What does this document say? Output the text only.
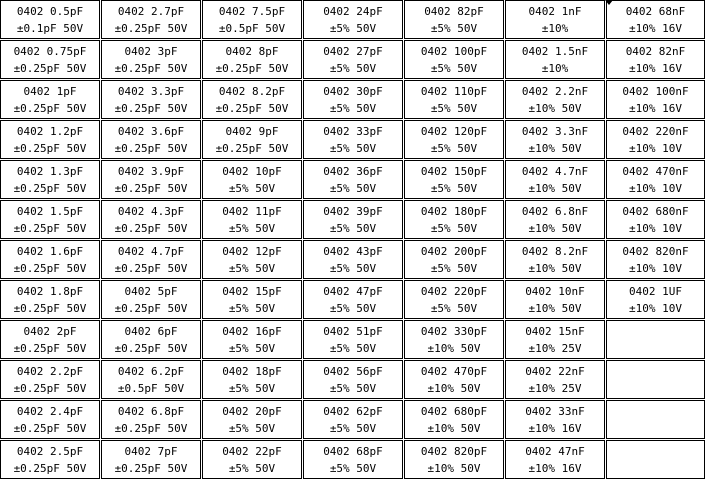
0402 0.5pF
±0.1pF 50V
0402 2.7pF
±0.25pF 50V
0402 7.5pF
±0.5pF 50V
0402 24pF
±5% 50V
0402 82pF
±5% 50V
0402 1nF
±10%
0402 68nF
±10% 16V
0402 0.75pF
±0.25pF 50V
0402 3pF
±0.25pF 50V
0402 8pF
±0.25pF 50V
0402 27pF
±5% 50V
0402 100pF
±5% 50V
0402 1.5nF
±10%
0402 82nF
±10% 16V
0402 1pF
±0.25pF 50V
0402 3.3pF
±0.25pF 50V
0402 8.2pF
±0.25pF 50V
0402 30pF
±5% 50V
0402 110pF
±5% 50V
0402 2.2nF
±10% 50V
0402 100nF
±10% 16V
0402 1.2pF
±0.25pF 50V
0402 3.6pF
±0.25pF 50V
0402 9pF
±0.25pF 50V
0402 33pF
±5% 50V
0402 120pF
±5% 50V
0402 3.3nF
±10% 50V
0402 220nF
±10% 10V
0402 1.3pF
±0.25pF 50V
0402 3.9pF
±0.25pF 50V
0402 10pF
±5% 50V
0402 36pF
±5% 50V
0402 150pF
±5% 50V
0402 4.7nF
±10% 50V
0402 470nF
±10% 10V
0402 1.5pF
±0.25pF 50V
0402 4.3pF
±0.25pF 50V
0402 11pF
±5% 50V
0402 39pF
±5% 50V
0402 180pF
±5% 50V
0402 6.8nF
±10% 50V
0402 680nF
±10% 10V
0402 1.6pF
±0.25pF 50V
0402 4.7pF
±0.25pF 50V
0402 12pF
±5% 50V
0402 43pF
±5% 50V
0402 200pF
±5% 50V
0402 8.2nF
±10% 50V
0402 820nF
±10% 10V
0402 1.8pF
±0.25pF 50V
0402 5pF
±0.25pF 50V
0402 15pF
±5% 50V
0402 47pF
±5% 50V
0402 220pF
±5% 50V
0402 10nF
±10% 50V
0402 1UF
±10% 10V
0402 2pF
±0.25pF 50V
0402 6pF
±0.25pF 50V
0402 16pF
±5% 50V
0402 51pF
±5% 50V
0402 330pF
±10% 50V
0402 15nF
±10% 25V
0402 2.2pF
±0.25pF 50V
0402 6.2pF
±0.5pF 50V
0402 18pF
±5% 50V
0402 56pF
±5% 50V
0402 470pF
±10% 50V
0402 22nF
±10% 25V
0402 2.4pF
±0.25pF 50V
0402 6.8pF
±0.25pF 50V
0402 20pF
±5% 50V
0402 62pF
±5% 50V
0402 680pF
±10% 50V
0402 33nF
±10% 16V
0402 2.5pF
±0.25pF 50V
0402 7pF
±0.25pF 50V
0402 22pF
±5% 50V
0402 68pF
±5% 50V
0402 820pF
±10% 50V
0402 47nF
±10% 16V
